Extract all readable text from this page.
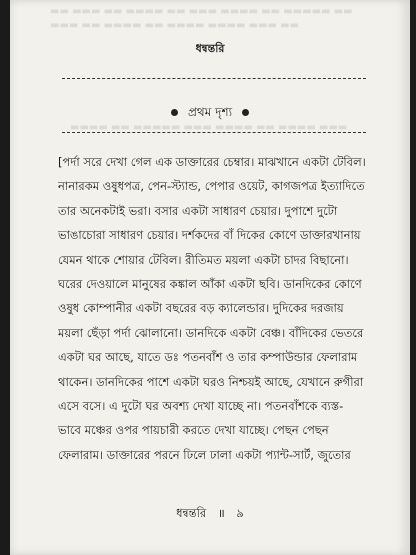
▬▬ ▬▬▬ ▬▬ ▬▬▬▬ ▬▬ ▬▬▬ ▬▬▬▬ ▬▬ ▬▬▬▬▬ ▬▬
▬▬▬ ▬▬ ▬▬▬▬ ▬▬ ▬▬▬▬ ▬▬▬▬ ▬▬▬ ▬▬
▬▬▬▬ ▬▬ ▬▬▬▬▬ ▬▬▬ ▬▬▬▬ ▬▬ ▬▬▬▬ ▬▬▬
ধন্বন্তরি
প্রথম দৃশ্য
[পর্দা সরে দেখা গেল এক ডাক্তারের চেম্বার। মাঝখানে একটা টেবিল।
নানারকম ওষুধপত্র, পেন-স্ট্যান্ড, পেপার ওয়েট, কাগজপত্র ইত্যাদিতে
তার অনেকটাই ভরা। বসার একটা সাধারণ চেয়ার। দুপাশে দুটো
ভাঙাচোরা সাধারণ চেয়ার। দর্শকদের বাঁ দিকের কোণে ডাক্তারখানায়
যেমন থাকে শোয়ার টেবিল। রীতিমত ময়লা একটা চাদর বিছানো।
ঘরের দেওয়ালে মানুষের কঙ্কাল আঁকা একটা ছবি। ডানদিকের কোণে
ওষুধ কোম্পানীর একটা বছরের বড় ক্যালেন্ডার। দুদিকের দরজায়
ময়লা ছেঁড়া পর্দা ঝোলানো। ডানদিকে একটা বেঞ্চ। বাঁদিকের ভেতরে
একটা ঘর আছে, যাতে ডঃ পতনবাঁশ ও তার কম্পাউন্ডার ফেলারাম
থাকেন। ডানদিকের পাশে একটা ঘরও নিশ্চয়ই আছে, যেখানে রুগীরা
এসে বসে। এ দুটো ঘর অবশ্য দেখা যাচ্ছে না। পতনবাঁশকে ব্যস্ত-
ভাবে মঞ্চের ওপর পায়চারী করতে দেখা যাচ্ছে। পেছন পেছন
ফেলারাম। ডাক্তারের পরনে ঢিলে ঢালা একটা প্যান্ট-সার্ট, জুতোর
ধন্বন্তরি ॥ ৯
